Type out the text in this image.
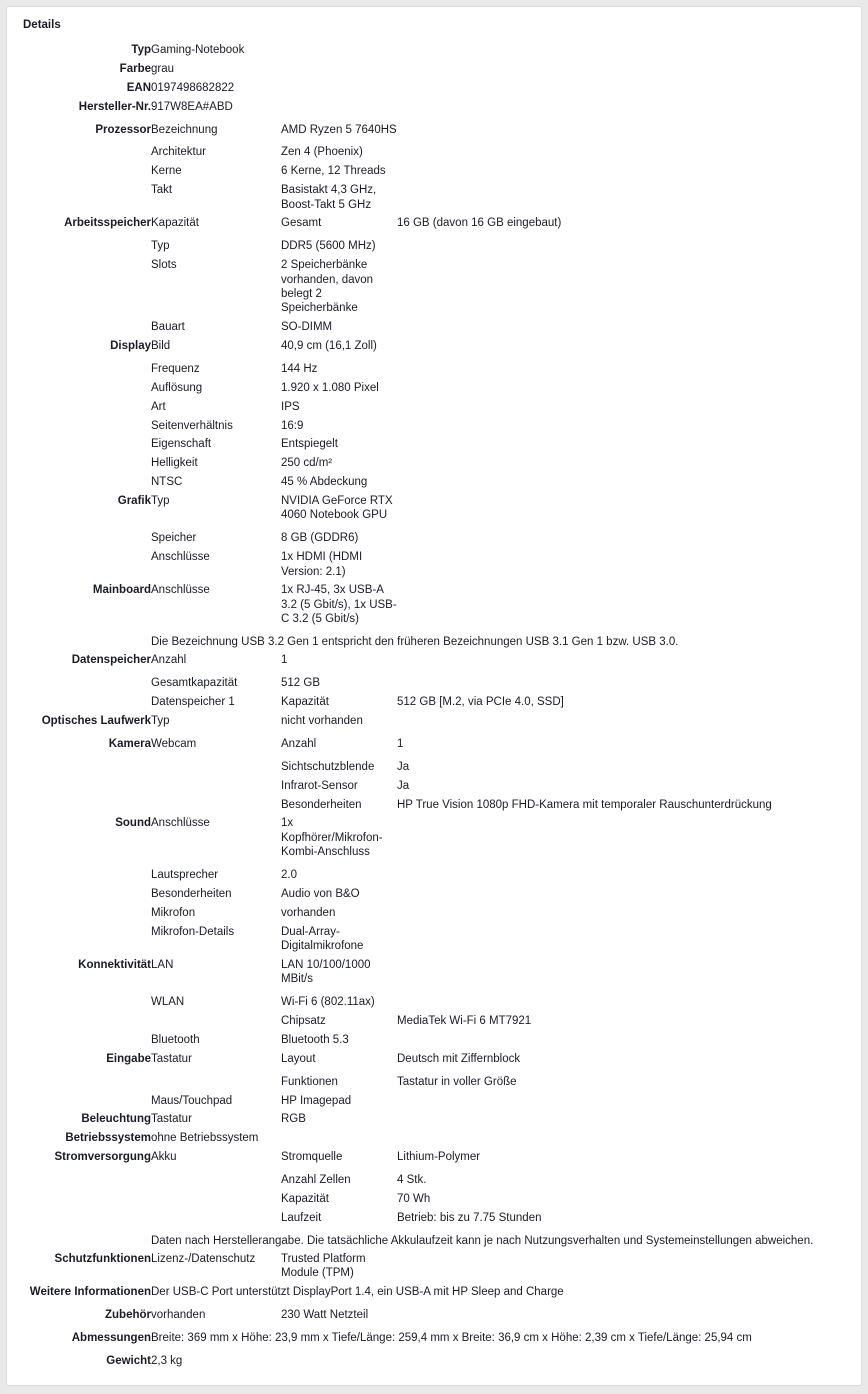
Details
Typ	Gaming-Notebook		
Farbe	grau		
EAN	0197498682822		
Hersteller-Nr.	917W8EA#ABD		
Prozessor	Bezeichnung	AMD Ryzen 5 7640HS	
	Architektur	Zen 4 (Phoenix)	
	Kerne	6 Kerne, 12 Threads	
	Takt	Basistakt 4,3 GHz, Boost-Takt 5 GHz	
Arbeitsspeicher	Kapazität	Gesamt	16 GB (davon 16 GB eingebaut)
	Typ	DDR5 (5600 MHz)	
	Slots	2 Speicherbänke vorhanden, davon belegt 2 Speicherbänke	
	Bauart	SO-DIMM	
Display	Bild	40,9 cm (16,1 Zoll)	
	Frequenz	144 Hz	
	Auflösung	1.920 x 1.080 Pixel	
	Art	IPS	
	Seitenverhältnis	16:9	
	Eigenschaft	Entspiegelt	
	Helligkeit	250 cd/m²	
	NTSC	45 % Abdeckung	
Grafik	Typ	NVIDIA GeForce RTX 4060 Notebook GPU	
	Speicher	8 GB (GDDR6)	
	Anschlüsse	1x HDMI (HDMI Version: 2.1)	
Mainboard	Anschlüsse	1x RJ-45, 3x USB-A 3.2 (5 Gbit/s), 1x USB-C 3.2 (5 Gbit/s)	
	Die Bezeichnung USB 3.2 Gen 1 entspricht den früheren Bezeichnungen USB 3.1 Gen 1 bzw. USB 3.0.		
Datenspeicher	Anzahl	1	
	Gesamtkapazität	512 GB	
	Datenspeicher 1	Kapazität	512 GB [M.2, via PCIe 4.0, SSD]
Optisches Laufwerk	Typ	nicht vorhanden	
Kamera	Webcam	Anzahl	1
		Sichtschutzblende	Ja
		Infrarot-Sensor	Ja
		Besonderheiten	HP True Vision 1080p FHD-Kamera mit temporaler Rauschunterdrückung
Sound	Anschlüsse	1x Kopfhörer/Mikrofon-Kombi-Anschluss	
	Lautsprecher	2.0	
	Besonderheiten	Audio von B&O	
	Mikrofon	vorhanden	
	Mikrofon-Details	Dual-Array-Digitalmikrofone	
Konnektivität	LAN	LAN 10/100/1000 MBit/s	
	WLAN	Wi-Fi 6 (802.11ax)	
		Chipsatz	MediaTek Wi-Fi 6 MT7921
	Bluetooth	Bluetooth 5.3	
Eingabe	Tastatur	Layout	Deutsch mit Ziffernblock
		Funktionen	Tastatur in voller Größe
	Maus/Touchpad	HP Imagepad	
Beleuchtung	Tastatur	RGB	
Betriebssystem	ohne Betriebssystem		
Stromversorgung	Akku	Stromquelle	Lithium-Polymer
		Anzahl Zellen	4 Stk.
		Kapazität	70 Wh
		Laufzeit	Betrieb: bis zu 7.75 Stunden
	Daten nach Herstellerangabe. Die tatsächliche Akkulaufzeit kann je nach Nutzungsverhalten und Systemeinstellungen abweichen.		
Schutzfunktionen	Lizenz-/Datenschutz	Trusted Platform Module (TPM)	
Weitere Informationen	Der USB-C Port unterstützt DisplayPort 1.4, ein USB-A mit HP Sleep and Charge		
Zubehör	vorhanden	230 Watt Netzteil	
Abmessungen	Breite: 369 mm x Höhe: 23,9 mm x Tiefe/Länge: 259,4 mm x Breite: 36,9 cm x Höhe: 2,39 cm x Tiefe/Länge: 25,94 cm		
Gewicht	2,3 kg		
